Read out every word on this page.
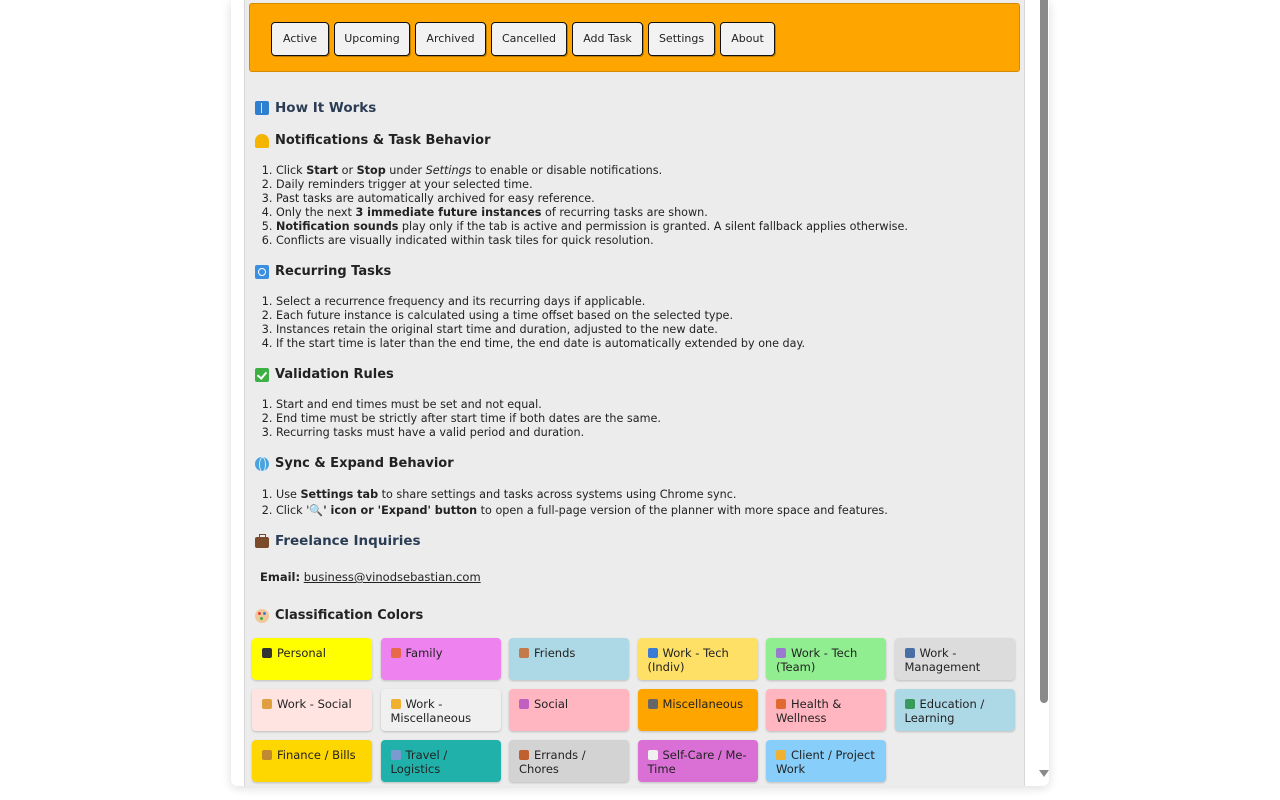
Active	Upcoming	Archived	Cancelled	Add Task	Settings	About
How It Works
Notifications & Task Behavior
1. Click Start or Stop under Settings to enable or disable notifications.
2. Daily reminders trigger at your selected time.
3. Past tasks are automatically archived for easy reference.
4. Only the next 3 immediate future instances of recurring tasks are shown.
5. Notification sounds play only if the tab is active and permission is granted. A silent fallback applies otherwise.
6. Conflicts are visually indicated within task tiles for quick resolution.
Recurring Tasks
1. Select a recurrence frequency and its recurring days if applicable.
2. Each future instance is calculated using a time offset based on the selected type.
3. Instances retain the original start time and duration, adjusted to the new date.
4. If the start time is later than the end time, the end date is automatically extended by one day.
Validation Rules
1. Start and end times must be set and not equal.
2. End time must be strictly after start time if both dates are the same.
3. Recurring tasks must have a valid period and duration.
Sync & Expand Behavior
1. Use Settings tab to share settings and tasks across systems using Chrome sync.
2. Click '🔍' icon or 'Expand' button to open a full-page version of the planner with more space and features.
Freelance Inquiries
Email: business@vinodsebastian.com
Classification Colors
Personal	Family	Friends	Work - Tech (Indiv)
Work - Tech (Team)
Work - Management
Work - Social	Work - Miscellaneous
Social	Miscellaneous	Health & Wellness
Education / Learning
Finance / Bills	Travel / Logistics
Errands / Chores
Self-Care / Me-Time
Client / Project Work
